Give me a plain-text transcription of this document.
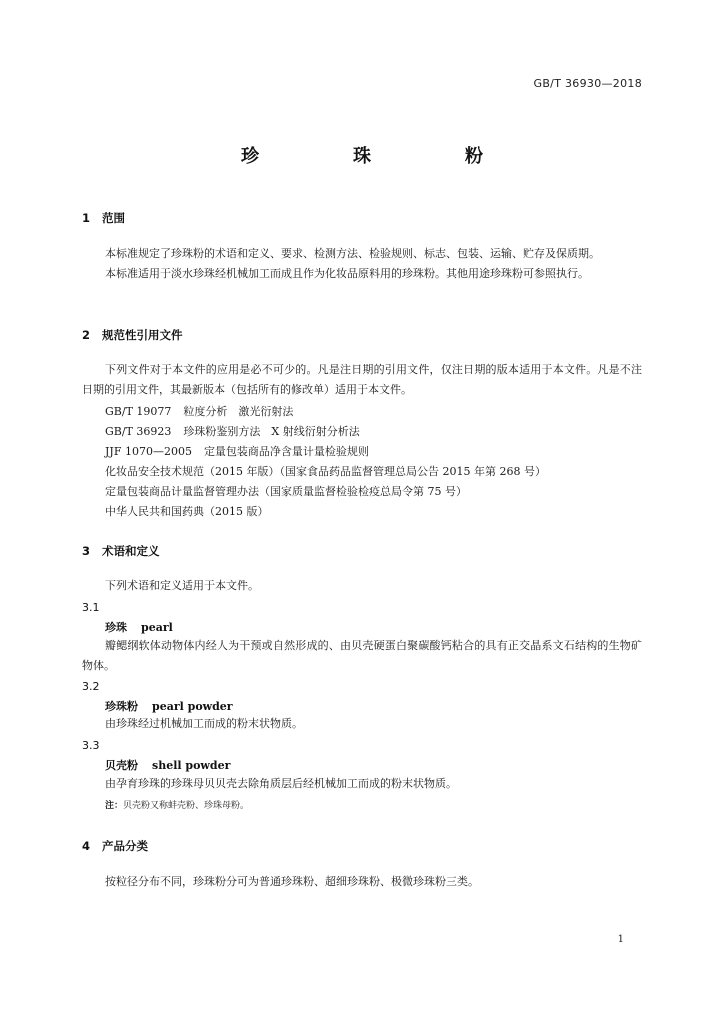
GB/T 36930—2018
珍　珠　粉
1 范围
本标准规定了珍珠粉的术语和定义、要求、检测方法、检验规则、标志、包装、运输、贮存及保质期。
本标准适用于淡水珍珠经机械加工而成且作为化妆品原料用的珍珠粉。其他用途珍珠粉可参照执行。
2 规范性引用文件
下列文件对于本文件的应用是必不可少的。凡是注日期的引用文件，仅注日期的版本适用于本文件。凡是不注日期的引用文件，其最新版本（包括所有的修改单）适用于本文件。
GB/T 19077 粒度分析　激光衍射法
GB/T 36923 珍珠粉鉴别方法　X 射线衍射分析法
JJF 1070—2005 定量包装商品净含量计量检验规则
化妆品安全技术规范（2015 年版）（国家食品药品监督管理总局公告 2015 年第 268 号）
定量包装商品计量监督管理办法（国家质量监督检验检疫总局令第 75 号）
中华人民共和国药典（2015 版）
3 术语和定义
下列术语和定义适用于本文件。
3.1
珍珠 pearl
瓣鳃纲软体动物体内经人为干预或自然形成的、由贝壳硬蛋白聚碳酸钙粘合的具有正交晶系文石结构的生物矿物体。
3.2
珍珠粉 pearl powder
由珍珠经过机械加工而成的粉末状物质。
3.3
贝壳粉 shell powder
由孕育珍珠的珍珠母贝贝壳去除角质层后经机械加工而成的粉末状物质。
注：贝壳粉又称蚌壳粉、珍珠母粉。
4 产品分类
按粒径分布不同，珍珠粉分可为普通珍珠粉、超细珍珠粉、极微珍珠粉三类。
1
